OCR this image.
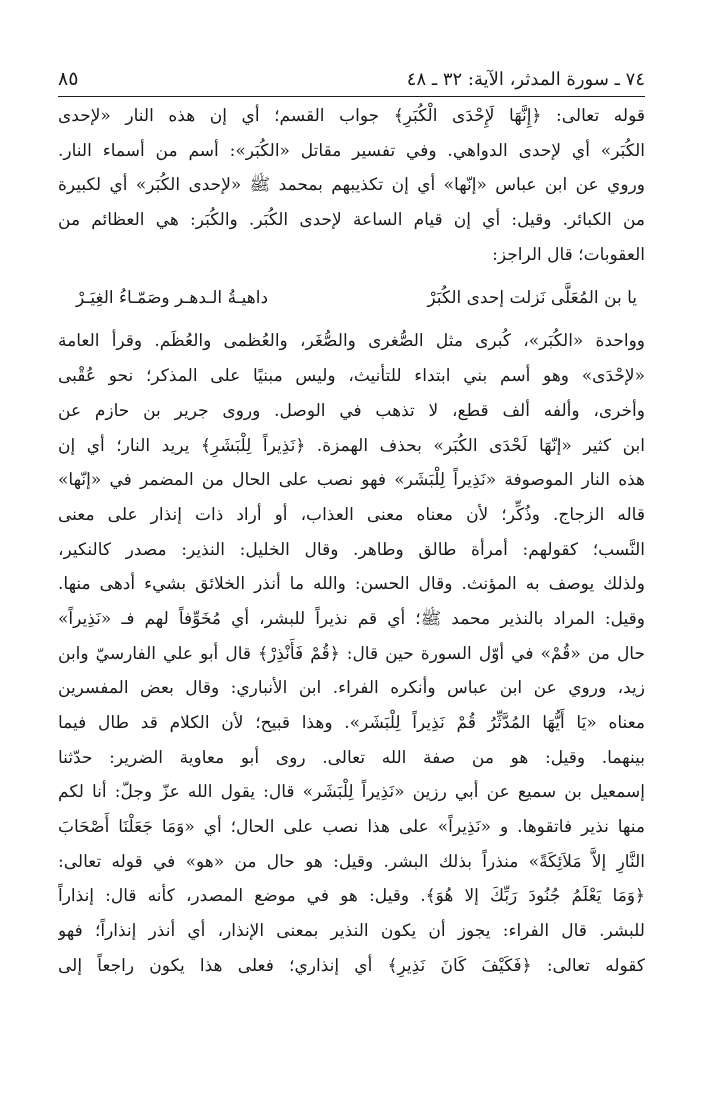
٨٥	٧٤ ـ سورة المدثر، الآية: ٣٢ ـ ٤٨
قوله تعالى: ﴿إِنَّهَا لَإِحْدَى الْكُبَرِ﴾ جواب القسم؛ أي إن هذه النار «لإحدى
الكُبَر» أي لإحدى الدواهي. وفي تفسير مقاتل «الكُبَر»: أسم من أسماء النار.
وروي عن ابن عباس «إنّها» أي إن تكذيبهم بمحمد ﷺ «لإحدى الكُبَر» أي لكبيرة
من الكبائر. وقيل: أي إن قيام الساعة لإحدى الكُبَر. والكُبَر: هي العظائم من
العقوبات؛ قال الراجز:
يا بن المُعَلَّى نَزلت إحدى الكُبَرْ
داهيـةُ الـدهـر وصَمّـاءُ الغِيَـرْ
وواحدة «الكُبَر»، كُبرى مثل الصُّغرى والصُّغَر، والعُظمى والعُظَم. وقرأ العامة
«لإحْدَى» وهو أسم بني ابتداء للتأنيث، وليس مبنيًا على المذكر؛ نحو عُقْبى
وأخرى، وألفه ألف قطع، لا تذهب في الوصل. وروى جرير بن حازم عن
ابن كثير «إنّهَا لَحْدَى الكُبَر» بحذف الهمزة. ﴿نَذِيراً لِلْبَشَرِ﴾ يريد النار؛ أي إن
هذه النار الموصوفة «نَذِيراً لِلْبَشَر» فهو نصب على الحال من المضمر في «إنّها»
قاله الزجاج. وذُكِّر؛ لأن معناه معنى العذاب، أو أراد ذات إنذار على معنى
النَّسب؛ كقولهم: أمرأة طالق وطاهر. وقال الخليل: النذير: مصدر كالنكير،
ولذلك يوصف به المؤنث. وقال الحسن: والله ما أنذر الخلائق بشيء أدهى منها.
وقيل: المراد بالنذير محمد ﷺ؛ أي قم نذيراً للبشر، أي مُخَوِّفاً لهم فـ «نَذِيراً»
حال من «قُمْ» في أوّل السورة حين قال: ﴿قُمْ فَأَنْذِرْ﴾ قال أبو علي الفارسيّ وابن
زيد، وروي عن ابن عباس وأنكره الفراء. ابن الأنباري: وقال بعض المفسرين
معناه «يَا أَيُّهَا المُدَّثِّرُ قُمْ نَذِيراً لِلْبَشَر». وهذا قبيح؛ لأن الكلام قد طال فيما
بينهما. وقيل: هو من صفة الله تعالى. روى أبو معاوية الضرير: حدّثنا
إسمعيل بن سميع عن أبي رزين «نَذِيراً لِلْبَشَر» قال: يقول الله عزّ وجلّ: أنا لكم
منها نذير فاتقوها. و «نَذِيراً» على هذا نصب على الحال؛ أي «وَمَا جَعَلْنَا أَصْحَابَ
النَّارِ إلاَّ مَلاَئِكَةً» منذراً بذلك البشر. وقيل: هو حال من «هو» في قوله تعالى:
﴿وَمَا يَعْلَمُ جُنُودَ رَبِّكَ إلا هُوَ﴾. وقيل: هو في موضع المصدر، كأنه قال: إنذاراً
للبشر. قال الفراء: يجوز أن يكون النذير بمعنى الإنذار، أي أنذر إنذاراً؛ فهو
كقوله تعالى: ﴿فَكَيْفَ كَانَ نَذِيرِ﴾ أي إنذاري؛ فعلى هذا يكون راجعاً إلى
